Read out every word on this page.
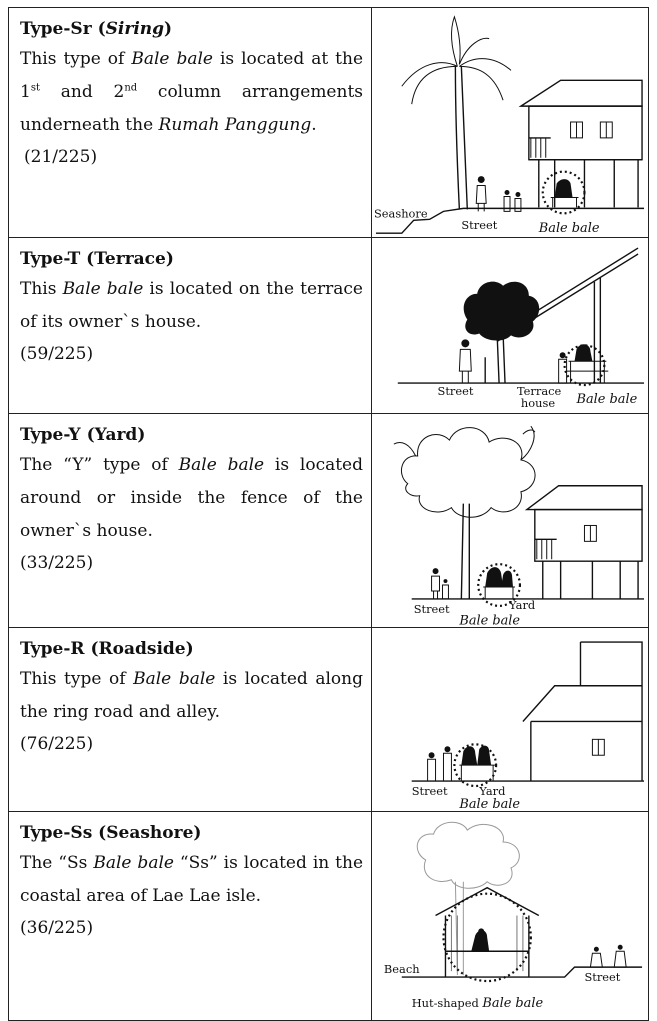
Type-Sr (Siring)
This type of Bale bale is located at the 1st and 2nd column arrangements underneath the Rumah Panggung.
(21/225)
Seashore
Street	Bale bale
Type-T (Terrace)
This Bale bale is located on the terrace of its owner`s house.
(59/225)
Street	Terrace
house Bale bale
Type-Y (Yard)
The “Y” type of Bale bale is located around or inside the fence of the owner`s house.
(33/225)
Street	Yard
Bale bale
Type-R (Roadside)
This type of Bale bale is located along the ring road and alley.
(76/225)
Street	Yard
Bale bale
Type-Ss (Seashore)
The “Ss Bale bale “Ss” is located in the coastal area of Lae Lae isle.
(36/225)
Beach
Street
Hut-shaped Bale bale
